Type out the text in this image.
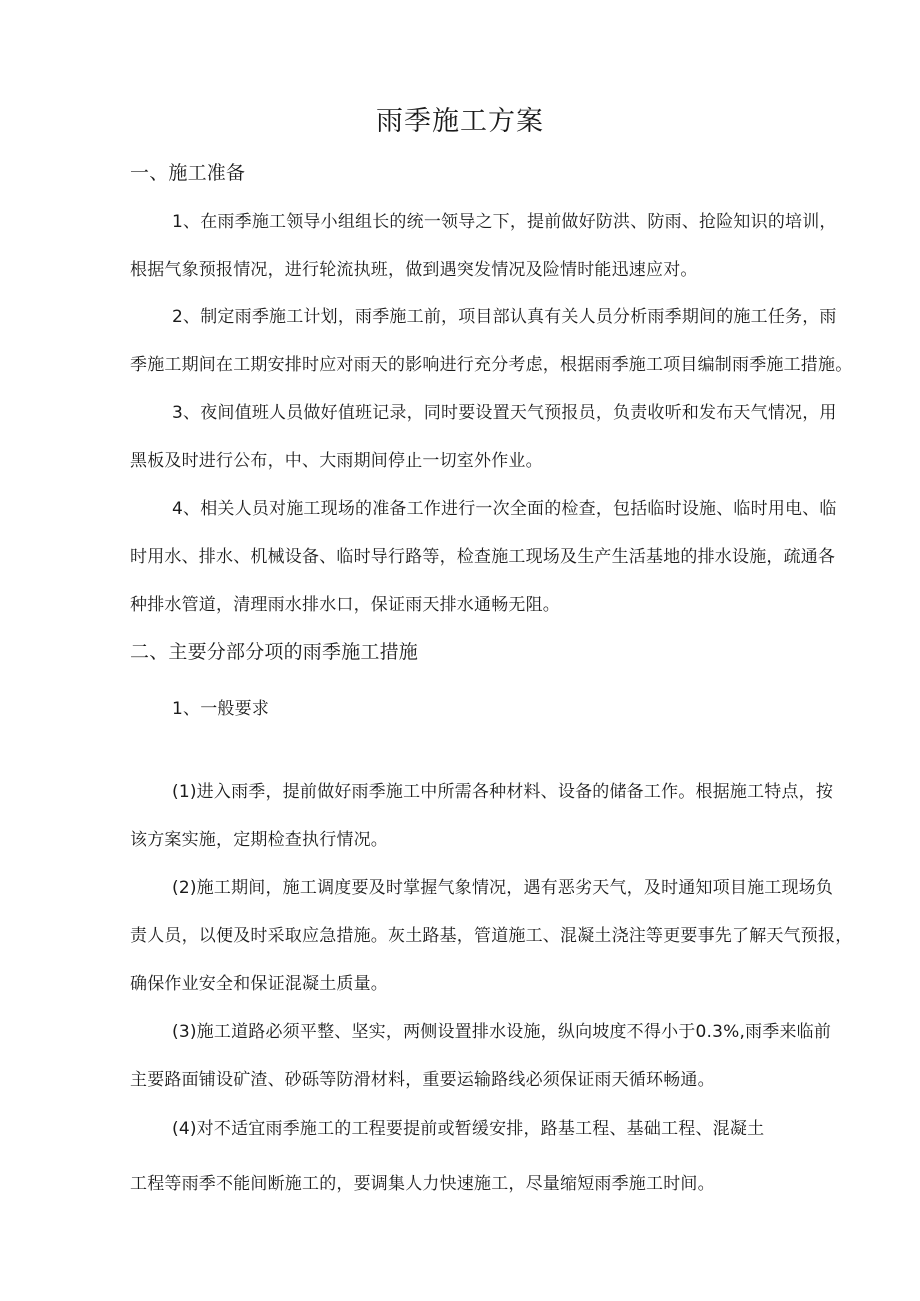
雨季施工方案
一、施工准备
1、在雨季施工领导小组组长的统一领导之下，提前做好防洪、防雨、抢险知识的培训，
根据气象预报情况，进行轮流执班，做到遇突发情况及险情时能迅速应对。
2、制定雨季施工计划，雨季施工前，项目部认真有关人员分析雨季期间的施工任务，雨
季施工期间在工期安排时应对雨天的影响进行充分考虑，根据雨季施工项目编制雨季施工措施。
3、夜间值班人员做好值班记录，同时要设置天气预报员，负责收听和发布天气情况，用
黑板及时进行公布，中、大雨期间停止一切室外作业。
4、相关人员对施工现场的准备工作进行一次全面的检查，包括临时设施、临时用电、临
时用水、排水、机械设备、临时导行路等，检查施工现场及生产生活基地的排水设施，疏通各
种排水管道，清理雨水排水口，保证雨天排水通畅无阻。
二、主要分部分项的雨季施工措施
1、一般要求
(1)进入雨季，提前做好雨季施工中所需各种材料、设备的储备工作。根据施工特点，按
该方案实施，定期检查执行情况。
(2)施工期间，施工调度要及时掌握气象情况，遇有恶劣天气，及时通知项目施工现场负
责人员，以便及时采取应急措施。灰土路基，管道施工、混凝土浇注等更要事先了解天气预报，
确保作业安全和保证混凝土质量。
(3)施工道路必须平整、坚实，两侧设置排水设施，纵向坡度不得小于0.3%,雨季来临前
主要路面铺设矿渣、砂砾等防滑材料，重要运输路线必须保证雨天循环畅通。
(4)对不适宜雨季施工的工程要提前或暂缓安排，路基工程、基础工程、混凝土
工程等雨季不能间断施工的，要调集人力快速施工，尽量缩短雨季施工时间。
